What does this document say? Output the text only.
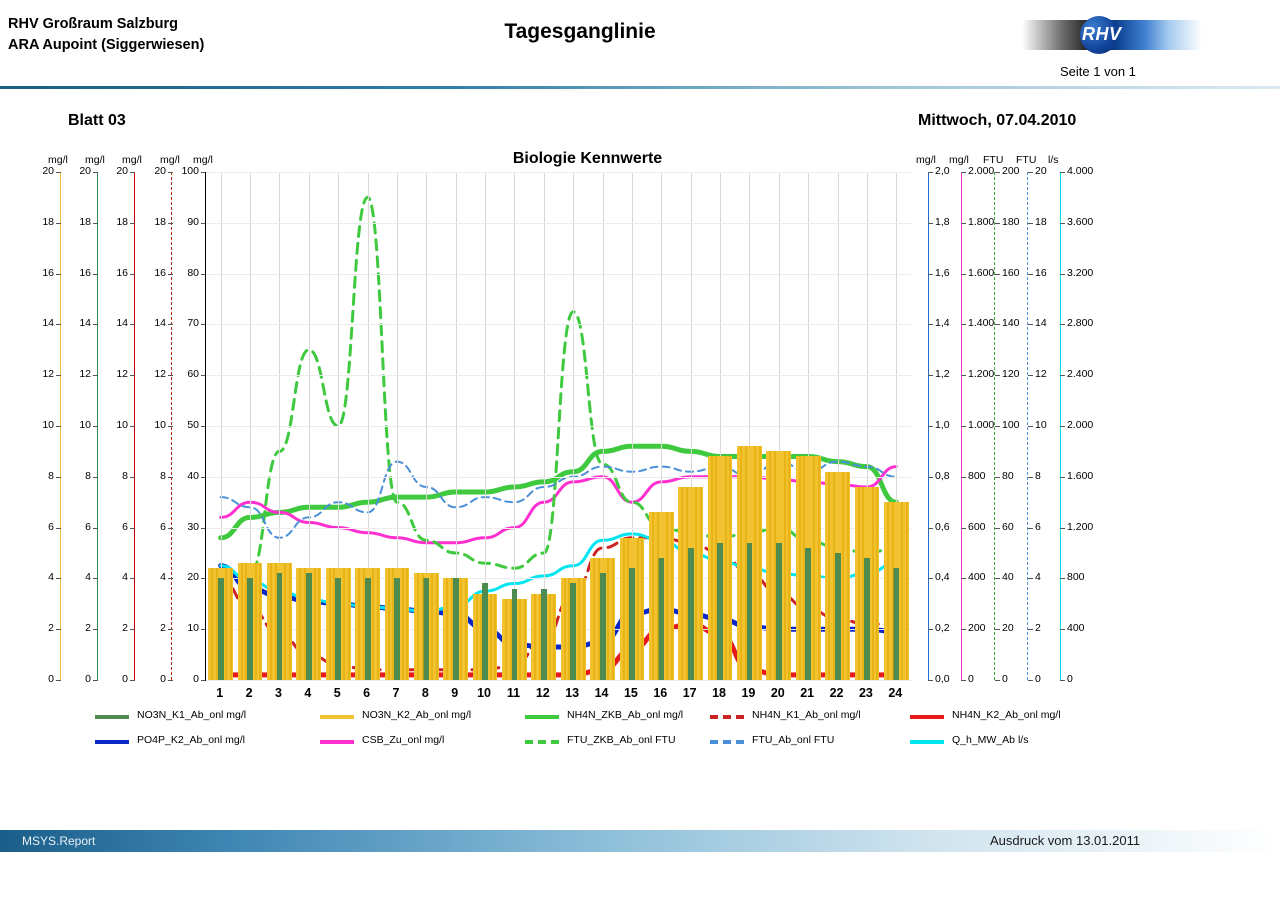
RHV Großraum Salzburg
ARA Aupoint (Siggerwiesen)
Tagesganglinie	RHV
Seite 1 von 1
Blatt 03	Mittwoch, 07.04.2010
Biologie Kennwerte
mg/l
0
2
4
6
8
10
12
14
16
18
20
mg/l
0
2
4
6
8
10
12
14
16
18
20
mg/l
0
2
4
6
8
10
12
14
16
18
20
mg/l
0
2
4
6
8
10
12
14
16
18
20
mg/l
0
10
20
30
40
50
60
70
80
90
100
mg/l
0,0
0,2
0,4
0,6
0,8
1,0
1,2
1,4
1,6
1,8
2,0
mg/l
0
200
400
600
800
1.000
1.200
1.400
1.600
1.800
2.000
FTU
0
20
40
60
80
100
120
140
160
180
200
FTU
0
2
4
6
8
10
12
14
16
18
20
l/s
0
400
800
1.200
1.600
2.000
2.400
2.800
3.200
3.600
4.000
1	2	3	4	5	6	7	8	9	10	11	12	13	14	15	16	17	18	19	20	21	22	23	24
NO3N_K1_Ab_onl mg/l	NO3N_K2_Ab_onl mg/l	NH4N_ZKB_Ab_onl mg/l	NH4N_K1_Ab_onl mg/l	NH4N_K2_Ab_onl mg/l
PO4P_K2_Ab_onl mg/l	CSB_Zu_onl mg/l	FTU_ZKB_Ab_onl FTU	FTU_Ab_onl FTU	Q_h_MW_Ab l/s
MSYS.Report	Ausdruck vom 13.01.2011
